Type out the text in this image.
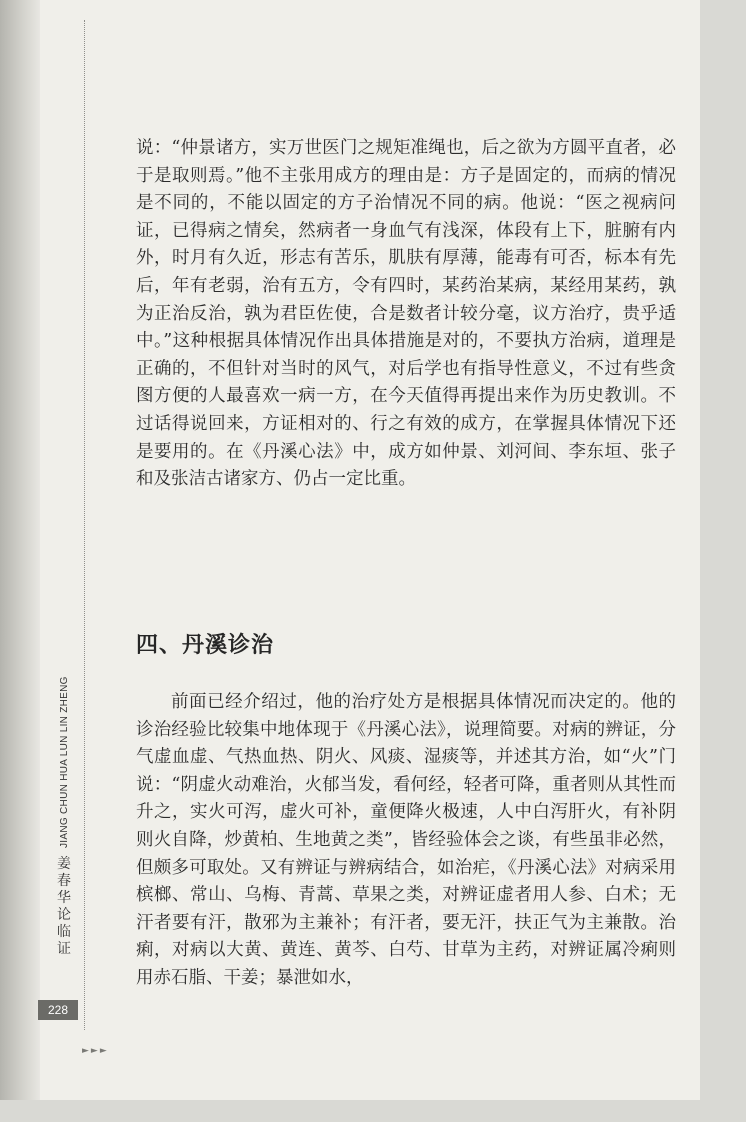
JIANG CHUN HUA LUN LIN ZHENG
姜
春
华
论
临
证
228
►►►

说：“仲景诸方，实万世医门之规矩准绳也，后之欲为方圆平直者，必于是取则焉。”他不主张用成方的理由是：方子是固定的，而病的情况是不同的，不能以固定的方子治情况不同的病。他说：“医之视病问证，已得病之情矣，然病者一身血气有浅深，体段有上下，脏腑有内外，时月有久近，形志有苦乐，肌肤有厚薄，能毒有可否，标本有先后，年有老弱，治有五方，令有四时，某药治某病，某经用某药，孰为正治反治，孰为君臣佐使，合是数者计较分毫，议方治疗，贵乎适中。”这种根据具体情况作出具体措施是对的，不要执方治病，道理是正确的，不但针对当时的风气，对后学也有指导性意义，不过有些贪图方便的人最喜欢一病一方，在今天值得再提出来作为历史教训。不过话得说回来，方证相对的、行之有效的成方，在掌握具体情况下还是要用的。在《丹溪心法》中，成方如仲景、刘河间、李东垣、张子和及张洁古诸家方、仍占一定比重。

四、丹溪诊治

前面已经介绍过，他的治疗处方是根据具体情况而决定的。他的诊治经验比较集中地体现于《丹溪心法》，说理简要。对病的辨证，分气虚血虚、气热血热、阴火、风痰、湿痰等，并述其方治，如“火”门说：“阴虚火动难治，火郁当发，看何经，轻者可降，重者则从其性而升之，实火可泻，虚火可补，童便降火极速，人中白泻肝火，有补阴则火自降，炒黄柏、生地黄之类”，皆经验体会之谈，有些虽非必然，但颇多可取处。又有辨证与辨病结合，如治疟，《丹溪心法》对病采用槟榔、常山、乌梅、青蒿、草果之类，对辨证虚者用人参、白术；无汗者要有汗，散邪为主兼补；有汗者，要无汗，扶正气为主兼散。治痢，对病以大黄、黄连、黄芩、白芍、甘草为主药，对辨证属冷痢则用赤石脂、干姜；暴泄如水，
